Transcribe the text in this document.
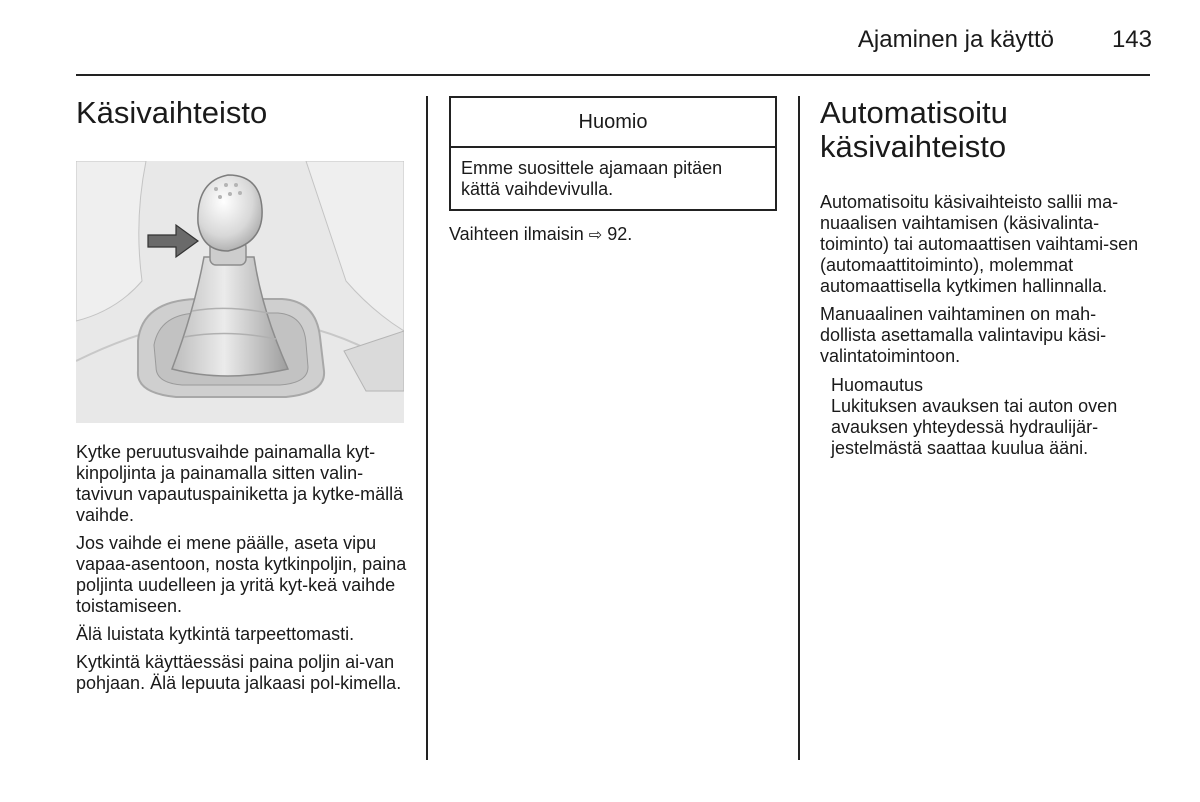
Ajaminen ja käyttö 143
Käsivaihteisto

Kytke peruutusvaihde painamalla kyt-kinpoljinta ja painamalla sitten valin-tavivun vapautuspainiketta ja kytke-mällä vaihde.

Jos vaihde ei mene päälle, aseta vipu vapaa-asentoon, nosta kytkinpoljin, paina poljinta uudelleen ja yritä kyt-keä vaihde toistamiseen.

Älä luistata kytkintä tarpeettomasti.

Kytkintä käyttäessäsi paina poljin ai-van pohjaan. Älä lepuuta jalkaasi pol-kimella.

Huomio
Emme suosittele ajamaan pitäen kättä vaihdevivulla.

Vaihteen ilmaisin ⇨ 92.

Automatisoitu
käsivaihteisto

Automatisoitu käsivaihteisto sallii ma-nuaalisen vaihtamisen (käsivalinta-toiminto) tai automaattisen vaihtami-sen (automaattitoiminto), molemmat automaattisella kytkimen hallinnalla.

Manuaalinen vaihtaminen on mah-dollista asettamalla valintavipu käsi-valintatoimintoon.

Huomautus
Lukituksen avauksen tai auton oven avauksen yhteydessä hydraulijär-jestelmästä saattaa kuulua ääni.
